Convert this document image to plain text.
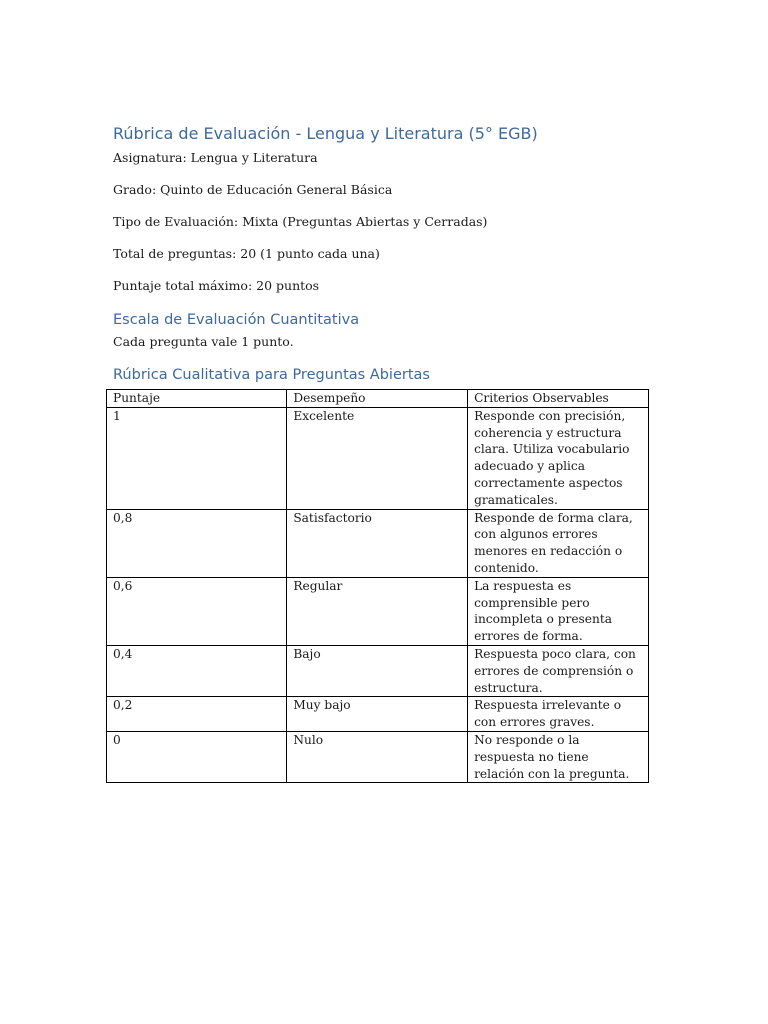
Rúbrica de Evaluación - Lengua y Literatura (5° EGB)
Asignatura: Lengua y Literatura
Grado: Quinto de Educación General Básica
Tipo de Evaluación: Mixta (Preguntas Abiertas y Cerradas)
Total de preguntas: 20 (1 punto cada una)
Puntaje total máximo: 20 puntos
Escala de Evaluación Cuantitativa
Cada pregunta vale 1 punto.
Rúbrica Cualitativa para Preguntas Abiertas
Puntaje	Desempeño	Criterios Observables
1	Excelente	Responde con precisión, coherencia y estructura clara. Utiliza vocabulario adecuado y aplica correctamente aspectos gramaticales.
0,8	Satisfactorio	Responde de forma clara, con algunos errores menores en redacción o contenido.
0,6	Regular	La respuesta es comprensible pero incompleta o presenta errores de forma.
0,4	Bajo	Respuesta poco clara, con errores de comprensión o estructura.
0,2	Muy bajo	Respuesta irrelevante o con errores graves.
0	Nulo	No responde o la respuesta no tiene relación con la pregunta.
